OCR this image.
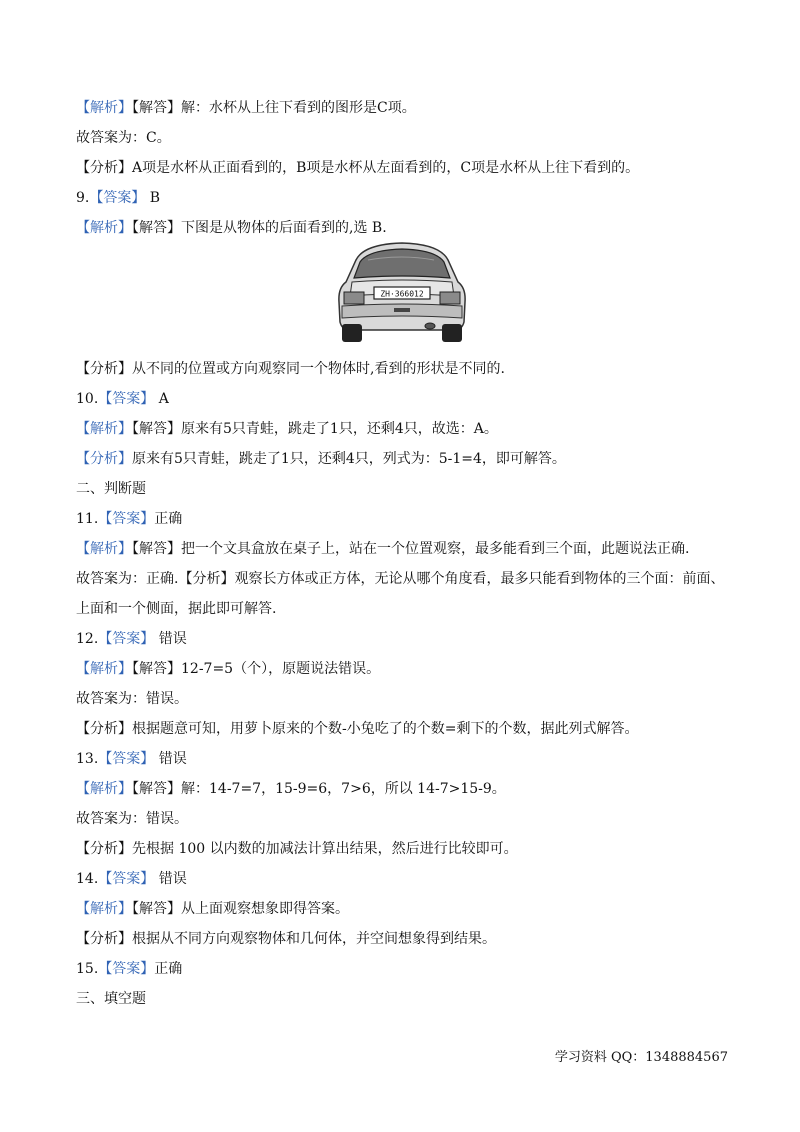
【解析】【解答】解：水杯从上往下看到的图形是C项。
故答案为：C。
【分析】A项是水杯从正面看到的，B项是水杯从左面看到的，C项是水杯从上往下看到的。
9.【答案】 B
【解析】【解答】下图是从物体的后面看到的,选 B.
ZH·366012
【分析】从不同的位置或方向观察同一个物体时,看到的形状是不同的.
10.【答案】 A
【解析】【解答】原来有5只青蛙，跳走了1只，还剩4只，故选：A。
【分析】原来有5只青蛙，跳走了1只，还剩4只，列式为：5-1=4，即可解答。
二、判断题
11.【答案】正确
【解析】【解答】把一个文具盒放在桌子上，站在一个位置观察，最多能看到三个面，此题说法正确.
故答案为：正确.【分析】观察长方体或正方体，无论从哪个角度看，最多只能看到物体的三个面：前面、
上面和一个侧面，据此即可解答.
12.【答案】 错误
【解析】【解答】12-7=5（个），原题说法错误。
故答案为：错误。
【分析】根据题意可知，用萝卜原来的个数-小兔吃了的个数=剩下的个数，据此列式解答。
13.【答案】 错误
【解析】【解答】解：14-7=7，15-9=6，7>6，所以 14-7>15-9。
故答案为：错误。
【分析】先根据 100 以内数的加减法计算出结果，然后进行比较即可。
14.【答案】 错误
【解析】【解答】从上面观察想象即得答案。
【分析】根据从不同方向观察物体和几何体，并空间想象得到结果。
15.【答案】正确
三、填空题
学习资料 QQ：1348884567
